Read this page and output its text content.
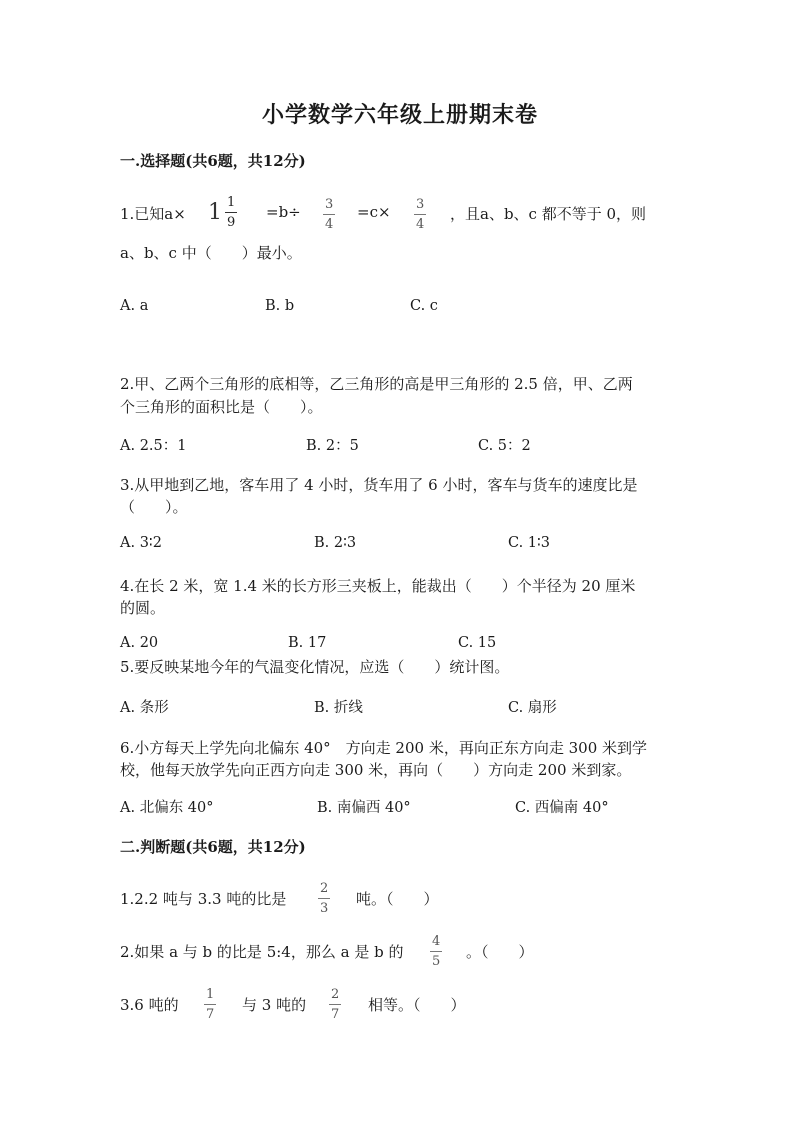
小学数学六年级上册期末卷
一.选择题(共6题，共12分)
1.已知$a\times 1 \frac{1}{9} =b\div \frac{3}{4} =c\times \frac{3}{4}$ ，且a、b、c 都不等于 0，则
a、b、c 中（　　）最小。
A. a	B. b	C. c
2.甲、乙两个三角形的底相等，乙三角形的高是甲三角形的 2.5 倍，甲、乙两
个三角形的面积比是（　　）。
A. 2.5：1	B. 2：5	C. 5：2
3.从甲地到乙地，客车用了 4 小时，货车用了 6 小时，客车与货车的速度比是
（　　）。
A. 3∶2	B. 2∶3	C. 1∶3
4.在长 2 米，宽 1.4 米的长方形三夹板上，能裁出（　　）个半径为 20 厘米
的圆。
A. 20	B. 17	C. 15
5.要反映某地今年的气温变化情况，应选（　　）统计图。
A. 条形	B. 折线	C. 扇形
6.小方每天上学先向北偏东 40°　方向走 200 米，再向正东方向走 300 米到学
校，他每天放学先向正西方向走 300 米，再向（　　）方向走 200 米到家。
A. 北偏东 40°	B. 南偏西 40°	C. 西偏南 40°
二.判断题(共6题，共12分)
1.2.2 吨与 3.3 吨的比是 $\frac{2}{3}$ 吨。（　　）
2.如果 a 与 b 的比是 5:4，那么 a 是 b 的 $\frac{4}{5}$ 。（　　）
3.6 吨的 $\frac{1}{7}$ 与 3 吨的 $\frac{2}{7}$ 相等。（　　）
